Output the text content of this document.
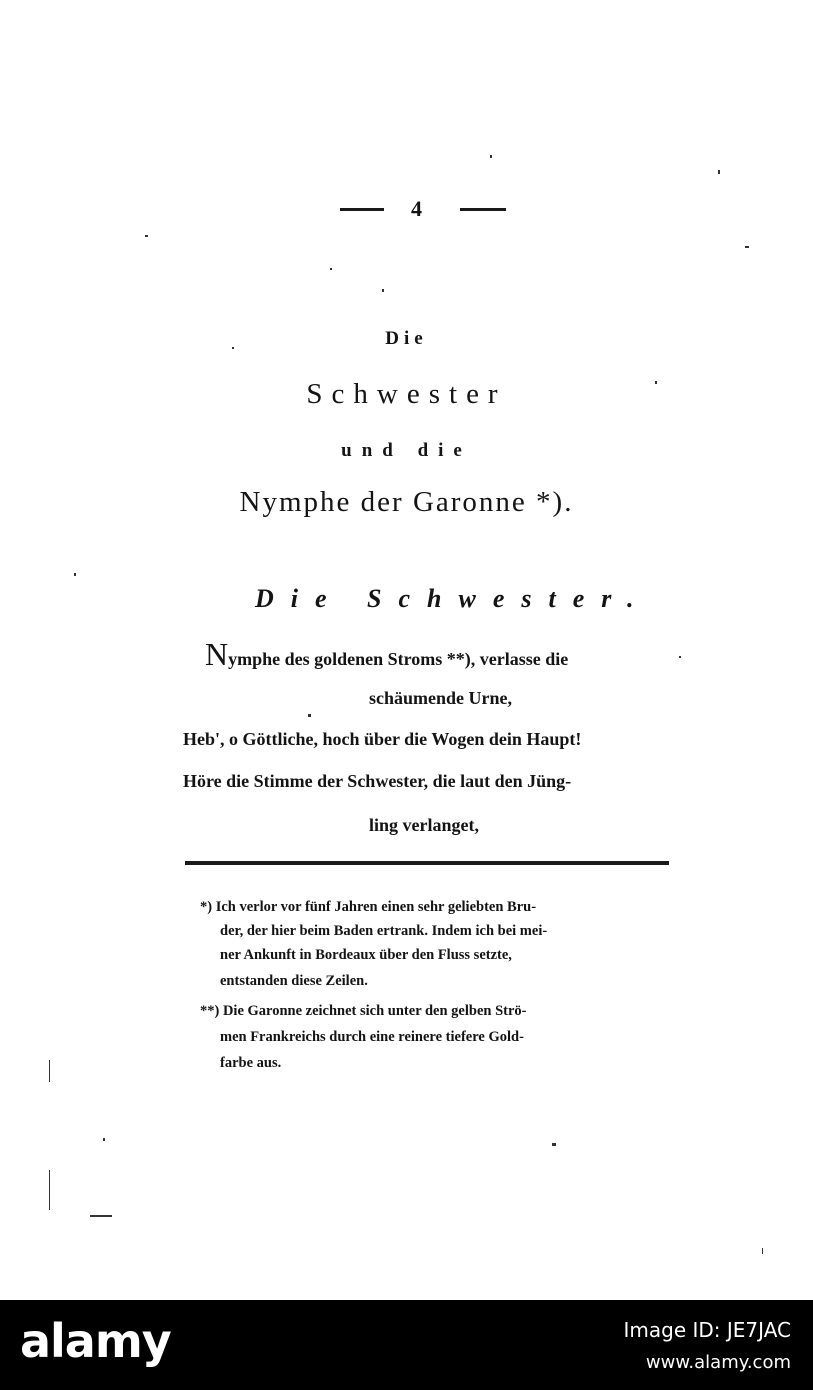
4
Die
Schwester
und die
Nymphe der Garonne *).
Die Schwester.
Nymphe des goldenen Stroms **), verlasse die
schäumende Urne,
Heb', o Göttliche, hoch über die Wogen dein Haupt!
Höre die Stimme der Schwester, die laut den Jüng-
ling verlanget,
*) Ich verlor vor fünf Jahren einen sehr geliebten Bru-
der, der hier beim Baden ertrank. Indem ich bei mei-
ner Ankunft in Bordeaux über den Fluss setzte,
entstanden diese Zeilen.
**) Die Garonne zeichnet sich unter den gelben Strö-
men Frankreichs durch eine reinere tiefere Gold-
farbe aus.
alamy	Image ID: JE7JAC
www.alamy.com
